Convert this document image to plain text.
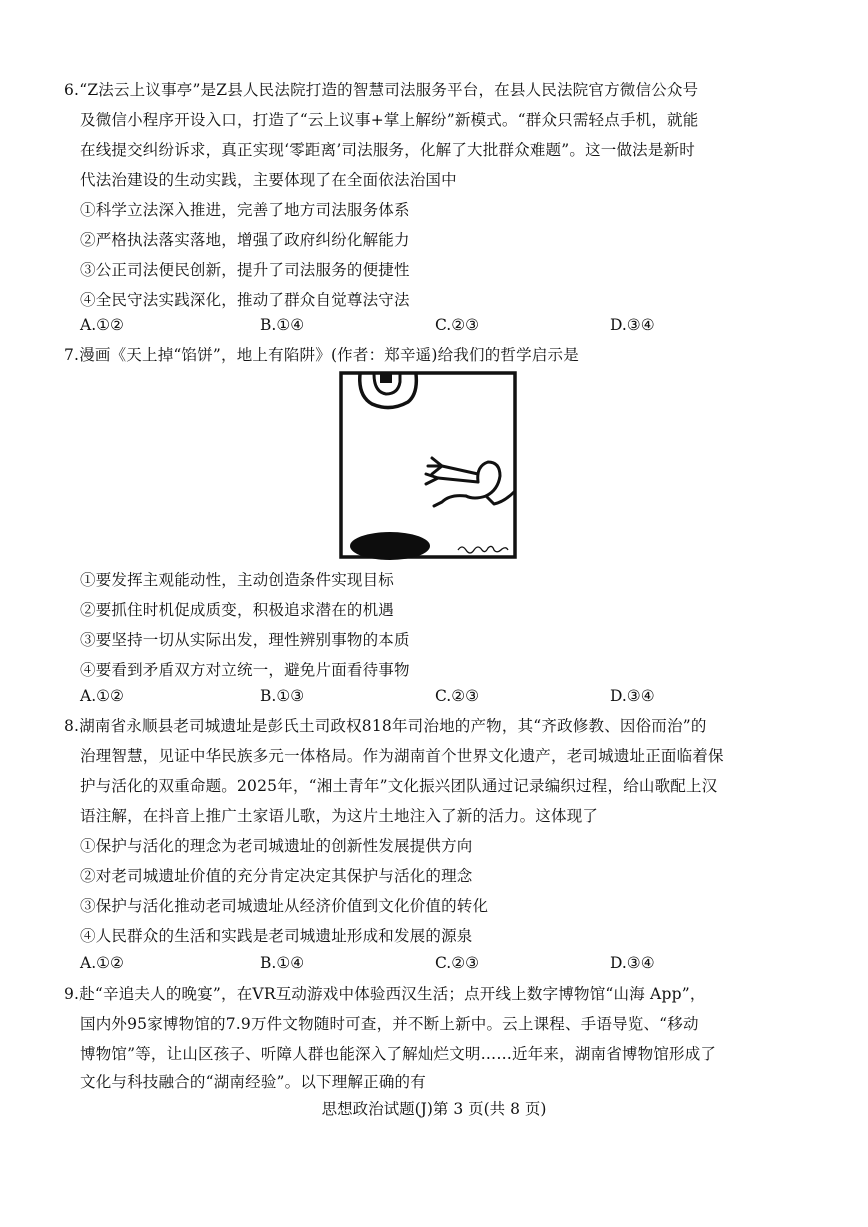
6.“Z法云上议事亭”是Z县人民法院打造的智慧司法服务平台，在县人民法院官方微信公众号
及微信小程序开设入口，打造了“云上议事+掌上解纷”新模式。“群众只需轻点手机，就能
在线提交纠纷诉求，真正实现‘零距离’司法服务，化解了大批群众难题”。这一做法是新时
代法治建设的生动实践，主要体现了在全面依法治国中
①科学立法深入推进，完善了地方司法服务体系
②严格执法落实落地，增强了政府纠纷化解能力
③公正司法便民创新，提升了司法服务的便捷性
④全民守法实践深化，推动了群众自觉尊法守法
A.①②	B.①④	C.②③	D.③④
7.漫画《天上掉“馅饼”，地上有陷阱》(作者：郑辛遥)给我们的哲学启示是
①要发挥主观能动性，主动创造条件实现目标
②要抓住时机促成质变，积极追求潜在的机遇
③要坚持一切从实际出发，理性辨别事物的本质
④要看到矛盾双方对立统一，避免片面看待事物
A.①②	B.①③	C.②③	D.③④
8.湖南省永顺县老司城遗址是彭氏土司政权818年司治地的产物，其“齐政修教、因俗而治”的
治理智慧，见证中华民族多元一体格局。作为湖南首个世界文化遗产，老司城遗址正面临着保
护与活化的双重命题。2025年，“湘土青年”文化振兴团队通过记录编织过程，给山歌配上汉
语注解，在抖音上推广土家语儿歌，为这片土地注入了新的活力。这体现了
①保护与活化的理念为老司城遗址的创新性发展提供方向
②对老司城遗址价值的充分肯定决定其保护与活化的理念
③保护与活化推动老司城遗址从经济价值到文化价值的转化
④人民群众的生活和实践是老司城遗址形成和发展的源泉
A.①②	B.①④	C.②③	D.③④
9.赴“辛追夫人的晚宴”，在VR互动游戏中体验西汉生活；点开线上数字博物馆“山海 App”，
国内外95家博物馆的7.9万件文物随时可查，并不断上新中。云上课程、手语导览、“移动
博物馆”等，让山区孩子、听障人群也能深入了解灿烂文明……近年来，湖南省博物馆形成了
文化与科技融合的“湖南经验”。以下理解正确的有
思想政治试题(J)第 3 页(共 8 页)
